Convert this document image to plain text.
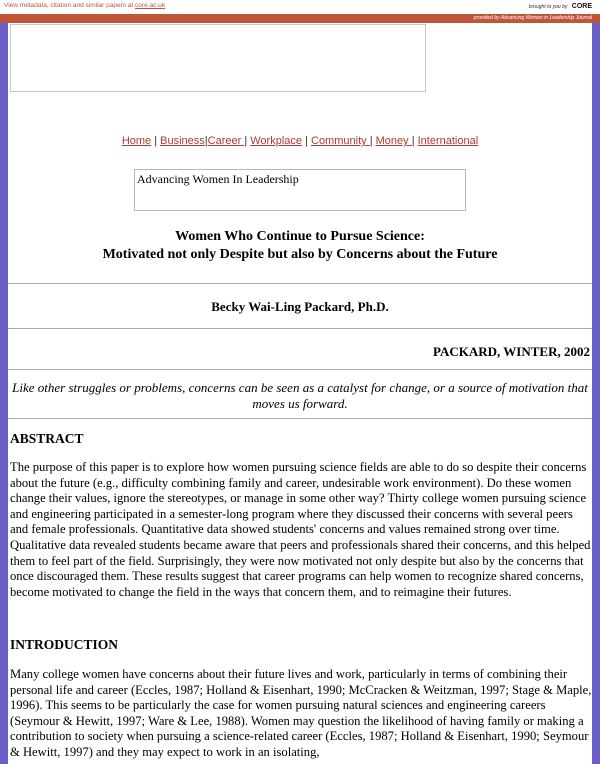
View metadata, citation and similar papers at core.ac.uk	brought to you by CORE
provided by Advancing Women in Leadership Journal
Home | Business|Career | Workplace | Community | Money | International
Advancing Women In Leadership
Women Who Continue to Pursue Science:
Motivated not only Despite but also by Concerns about the Future
Becky Wai-Ling Packard, Ph.D.
PACKARD, WINTER, 2002
Like other struggles or problems, concerns can be seen as a catalyst for change, or a source of motivation that moves us forward.
ABSTRACT

The purpose of this paper is to explore how women pursuing science fields are able to do so despite their concerns about the future (e.g., difficulty combining family and career, undesirable work environment). Do these women change their values, ignore the stereotypes, or manage in some other way? Thirty college women pursuing science and engineering participated in a semester-long program where they discussed their concerns with several peers and female professionals. Quantitative data showed students' concerns and values remained strong over time. Qualitative data revealed students became aware that peers and professionals shared their concerns, and this helped them to feel part of the field. Surprisingly, they were now motivated not only despite but also by the concerns that once discouraged them. These results suggest that career programs can help women to recognize shared concerns, become motivated to change the field in the ways that concern them, and to reimagine their futures.

INTRODUCTION

Many college women have concerns about their future lives and work, particularly in terms of combining their personal life and career (Eccles, 1987; Holland & Eisenhart, 1990; McCracken & Weitzman, 1997; Stage & Maple, 1996). This seems to be particularly the case for women pursuing natural sciences and engineering careers (Seymour & Hewitt, 1997; Ware & Lee, 1988). Women may question the likelihood of having family or making a contribution to society when pursuing a science-related career (Eccles, 1987; Holland & Eisenhart, 1990; Seymour & Hewitt, 1997) and they may expect to work in an isolating,
